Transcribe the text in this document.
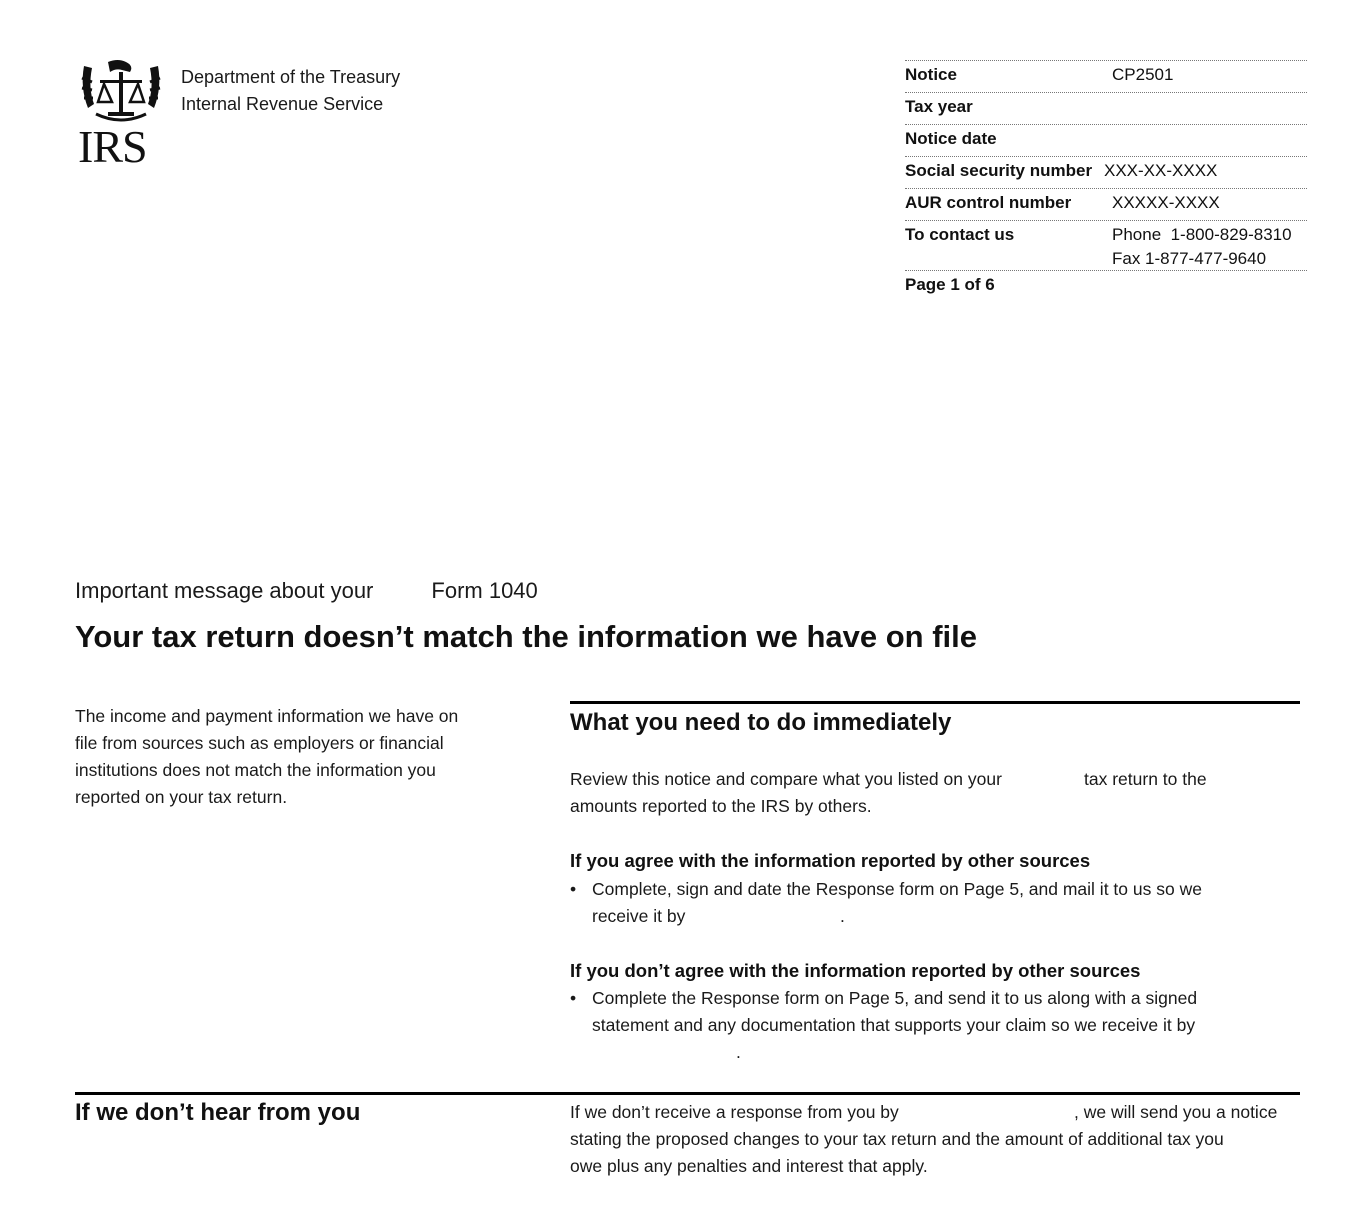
IRS
Department of the Treasury
Internal Revenue Service
Notice	CP2501
Tax year
Notice date
Social security number XXX-XX-XXXX
AUR control number XXXXX-XXXX
To contact us	Phone  1-800-829-8310
Fax 1-877-477-9640
Page 1 of 6
Important message about your	Form 1040
Your tax return doesn’t match the information we have on file
The income and payment information we have on file from sources such as employers or financial institutions does not match the information you reported on your tax return.
What you need to do immediately
Review this notice and compare what you listed on your	tax return to the
amounts reported to the IRS by others.
If you agree with the information reported by other sources
• Complete, sign and date the Response form on Page 5, and mail it to us so we
receive it by	.
If you don’t agree with the information reported by other sources
• Complete the Response form on Page 5, and send it to us along with a signed
statement and any documentation that supports your claim so we receive it by
.
If we don’t hear from you	If we don’t receive a response from you by	, we will send you a notice
stating the proposed changes to your tax return and the amount of additional tax you
owe plus any penalties and interest that apply.
